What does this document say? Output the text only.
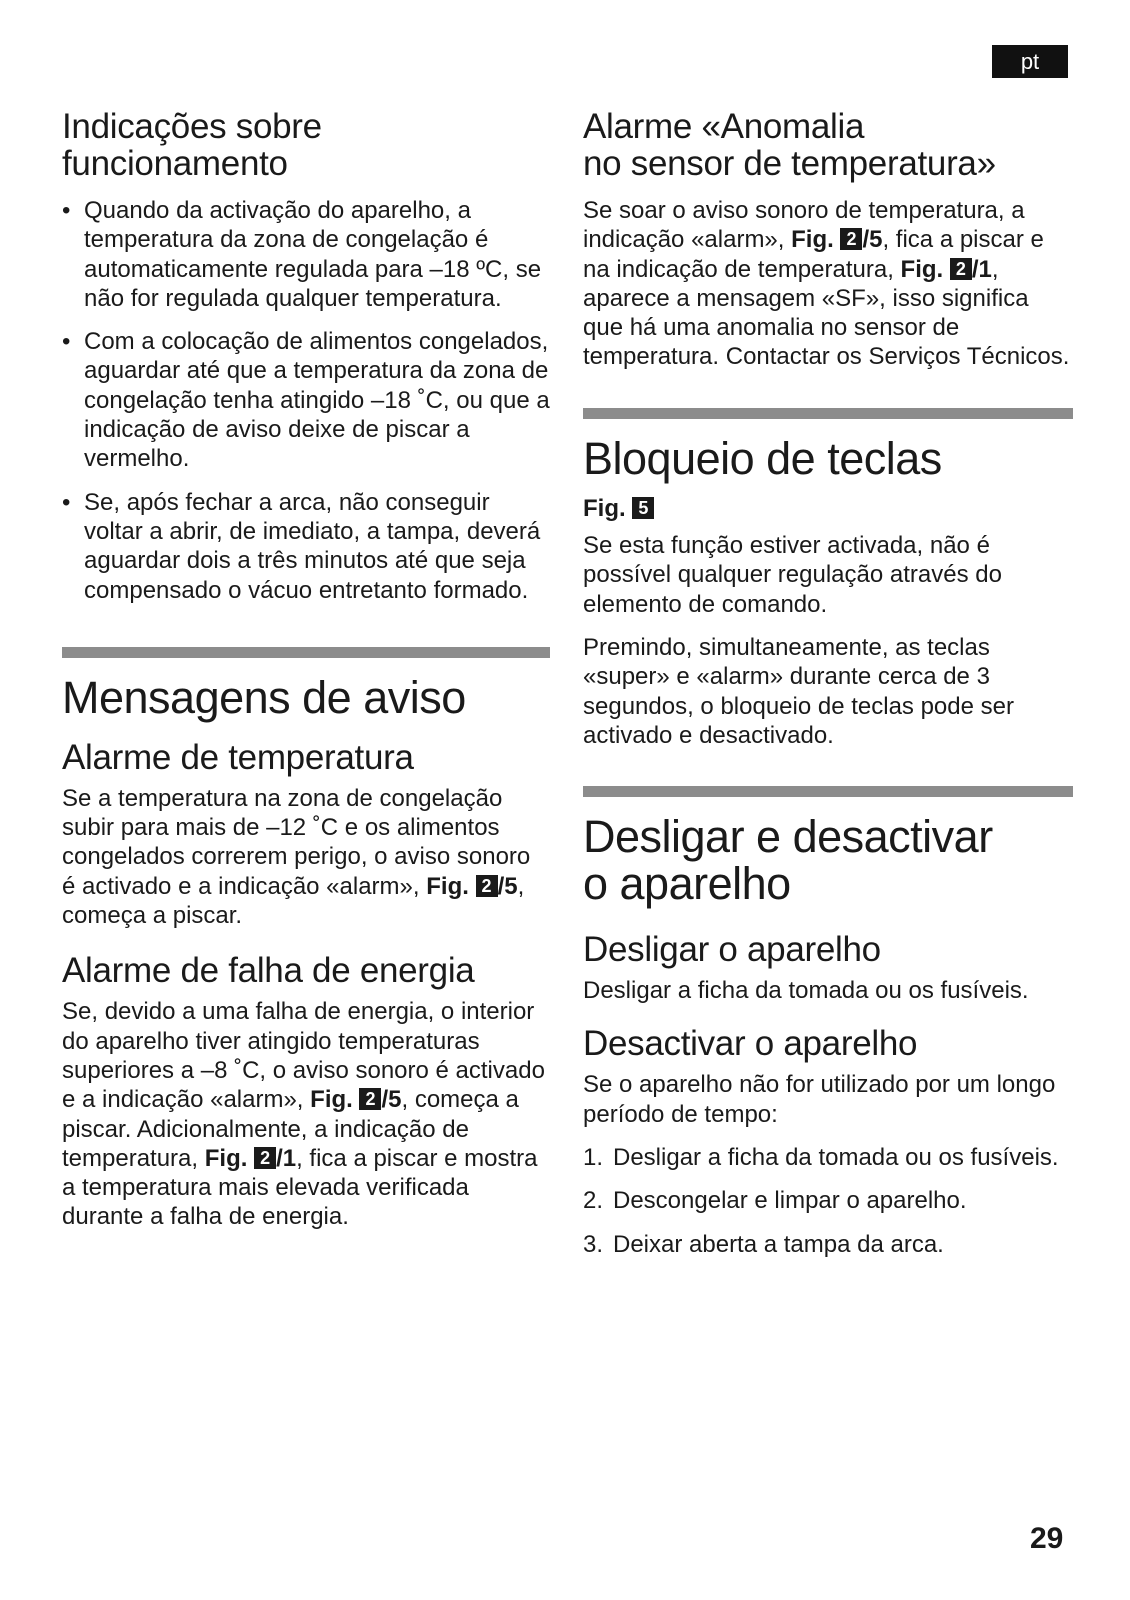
pt
Indicações sobre
funcionamento
• Quando da activação do aparelho, a temperatura da zona de congelação é automaticamente regulada para –18 ºC, se não for regulada qualquer temperatura.
• Com a colocação de alimentos congelados, aguardar até que a temperatura da zona de congelação tenha atingido –18 ˚C, ou que a indicação de aviso deixe de piscar a vermelho.
• Se, após fechar a arca, não conseguir voltar a abrir, de imediato, a tampa, deverá aguardar dois a três minutos até que seja compensado o vácuo entretanto formado.
Mensagens de aviso
Alarme de temperatura

Se a temperatura na zona de congelação subir para mais de –12 ˚C e os alimentos congelados correrem perigo, o aviso sonoro é activado e a indicação «alarm», Fig. 2 /5, começa a piscar.

Alarme de falha de energia

Se, devido a uma falha de energia, o interior do aparelho tiver atingido temperaturas superiores a –8 ˚C, o aviso sonoro é activado e a indicação «alarm», Fig. 2 /5, começa a piscar. Adicionalmente, a indicação de temperatura, Fig. 2 /1, fica a piscar e mostra a temperatura mais elevada verificada durante a falha de energia.

Alarme «Anomalia
no sensor de temperatura»

Se soar o aviso sonoro de temperatura, a indicação «alarm», Fig. 2 /5, fica a piscar e na indicação de temperatura, Fig. 2 /1, aparece a mensagem «SF», isso significa que há uma anomalia no sensor de temperatura. Contactar os Serviços Técnicos.

Bloqueio de teclas

Fig. 5

Se esta função estiver activada, não é possível qualquer regulação através do elemento de comando.

Premindo, simultaneamente, as teclas «super» e «alarm» durante cerca de 3 segundos, o bloqueio de teclas pode ser activado e desactivado.

Desligar e desactivar
o aparelho
Desligar o aparelho

Desligar a ficha da tomada ou os fusíveis.

Desactivar o aparelho

Se o aparelho não for utilizado por um longo período de tempo:

1. Desligar a ficha da tomada ou os fusíveis.
2. Descongelar e limpar o aparelho.
3. Deixar aberta a tampa da arca.
29
